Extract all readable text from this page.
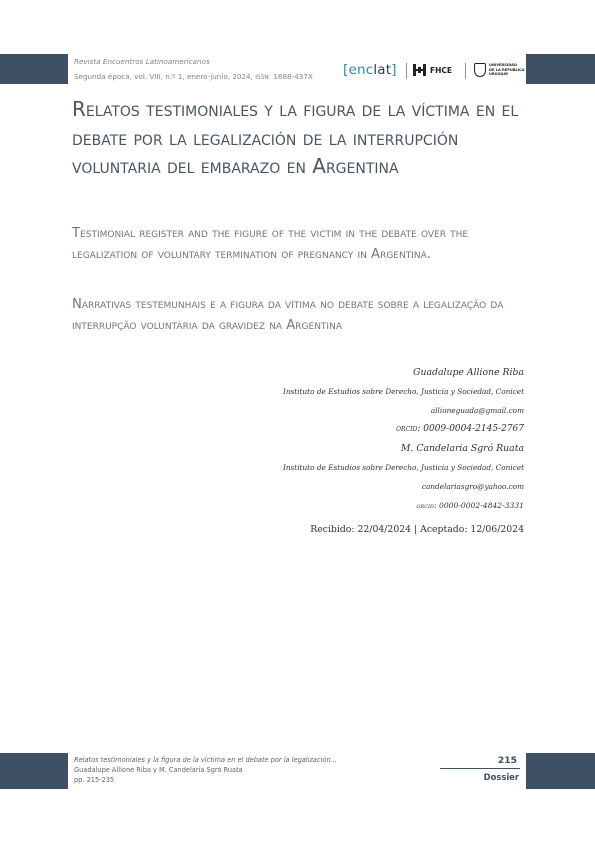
Revista Encuentros Latinoamericanos
Segunda época, vol. VIII, n.º 1, enero-junio, 2024, ISSN: 1688-437X [enclat]	FHCE
UNIVERSIDAD
DE LA REPÚBLICA
URUGUAY
Relatos testimoniales y la figura de la víctima en el debate por la legalización de la interrupción voluntaria del embarazo en Argentina

Testimonial register and the figure of the victim in the debate over the legalization of voluntary termination of pregnancy in Argentina.

Narrativas testemunhais e a figura da vítima no debate sobre a legalização da interrupção voluntária da gravidez na Argentina

Guadalupe Allione Riba
Instituto de Estudios sobre Derecho, Justicia y Sociedad, Conicet
allioneguada@gmail.com
orcid: 0009-0004-2145-2767
M. Candelaria Sgró Ruata
Instituto de Estudios sobre Derecho, Justicia y Sociedad, Conicet
candelariasgro@yahoo.com
orcid: 0000-0002-4842-3331
Recibido: 22/04/2024 | Aceptado: 12/06/2024
Relatos testimoniales y la figura de la víctima en el debate por la legalización...
Guadalupe Allione Riba y M. Candelaria Sgró Ruata
pp. 215-235
215
Dossier
